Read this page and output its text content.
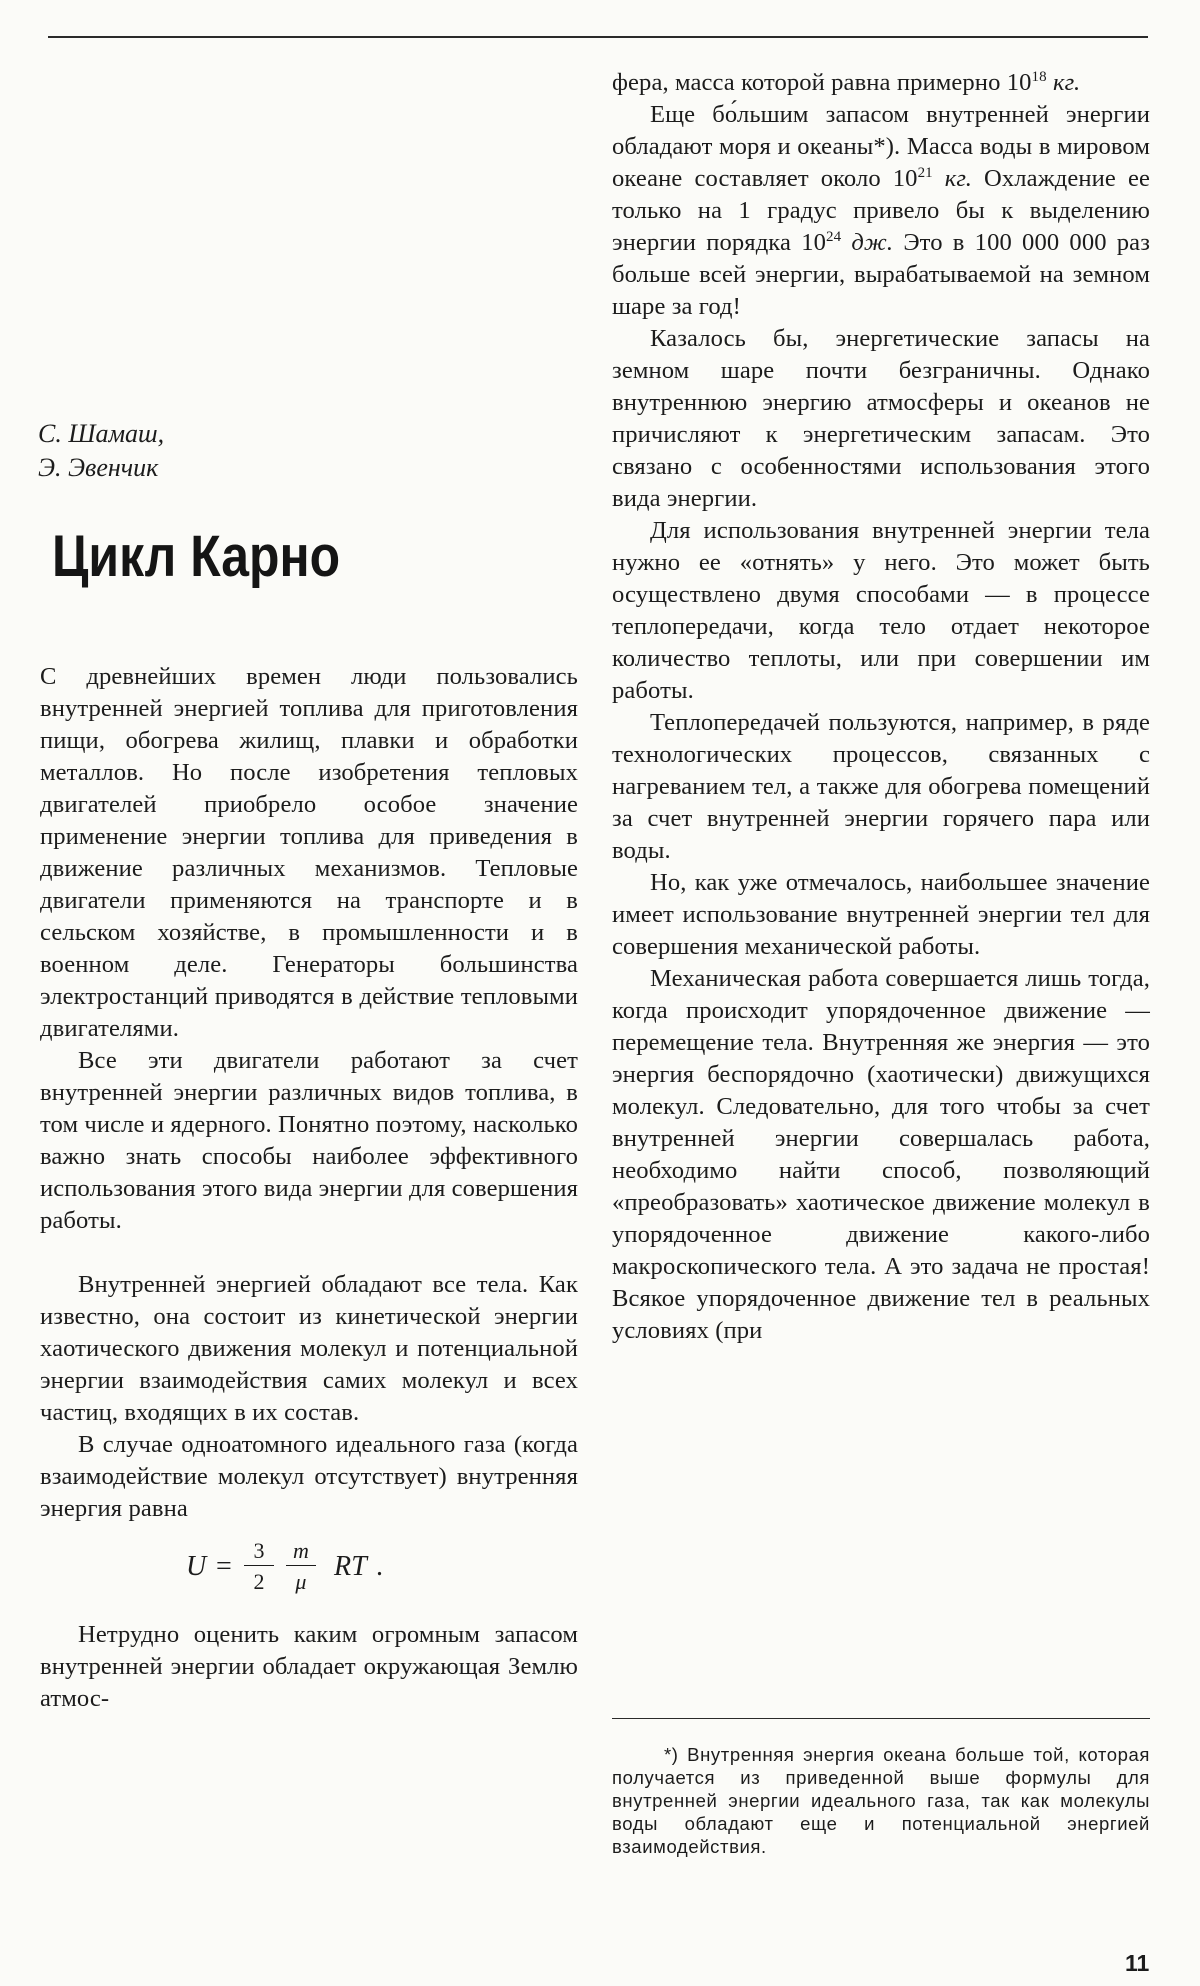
С. Шамаш,
Э. Эвенчик
Цикл Карно

С древнейших времен люди пользовались внутренней энергией топлива для приготовления пищи, обогрева жилищ, плавки и обработки металлов. Но после изобретения тепловых двигателей приобрело особое значение применение энергии топлива для приведения в движение различных механизмов. Тепловые двигатели применяются на транспорте и в сельском хозяйстве, в промышленности и в военном деле. Генераторы большинства электростанций приводятся в действие тепловыми двигателями.

Все эти двигатели работают за счет внутренней энергии различных видов топлива, в том числе и ядерного. Понятно поэтому, насколько важно знать способы наиболее эффективного использования этого вида энергии для совершения работы.

Внутренней энергией обладают все тела. Как известно, она состоит из кинетической энергии хаотического движения молекул и потенциальной энергии взаимодействия самих молекул и всех частиц, входящих в их состав.

В случае одноатомного идеального газа (когда взаимодействие молекул отсутствует) внутренняя энергия равна

$U = \frac{3}{2} \frac{m}{\mu}$ RT .

Нетрудно оценить каким огромным запасом внутренней энергии обладает окружающая Землю атмос-

фера, масса которой равна примерно $10^{18}$ кг.

Еще бо́льшим запасом внутренней энергии обладают моря и океаны*). Масса воды в мировом океане составляет около $10^{21}$ кг. Охлаждение ее только на 1 градус привело бы к выделению энергии порядка $10^{24}$ дж. Это в 100 000 000 раз больше всей энергии, вырабатываемой на земном шаре за год!

Казалось бы, энергетические запасы на земном шаре почти безграничны. Однако внутреннюю энергию атмосферы и океанов не причисляют к энергетическим запасам. Это связано с особенностями использования этого вида энергии.

Для использования внутренней энергии тела нужно ее «отнять» у него. Это может быть осуществлено двумя способами — в процессе теплопередачи, когда тело отдает некоторое количество теплоты, или при совершении им работы.

Теплопередачей пользуются, например, в ряде технологических процессов, связанных с нагреванием тел, а также для обогрева помещений за счет внутренней энергии горячего пара или воды.

Но, как уже отмечалось, наибольшее значение имеет использование внутренней энергии тел для совершения механической работы.

Механическая работа совершается лишь тогда, когда происходит упорядоченное движение — перемещение тела. Внутренняя же энергия — это энергия беспорядочно (хаотически) движущихся молекул. Следовательно, для того чтобы за счет внутренней энергии совершалась работа, необходимо найти способ, позволяющий «преобразовать» хаотическое движение молекул в упорядоченное движение какого-либо макроскопического тела. А это задача не простая! Всякое упорядоченное движение тел в реальных условиях (при

*) Внутренняя энергия океана больше той, которая получается из приведенной выше формулы для внутренней энергии идеального газа, так как молекулы воды обладают еще и потенциальной энергией взаимодействия.

11
